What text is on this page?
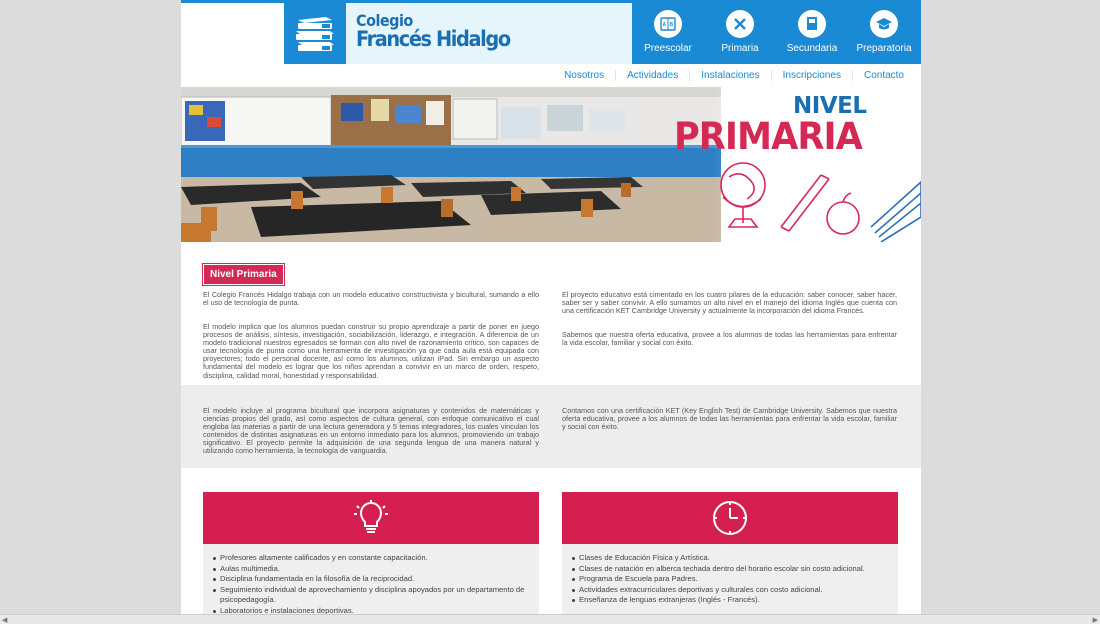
Colegio
Francés Hidalgo
A B
Preescolar	Primaria	Secundaria	Preparatoria
Nosotros	Actividades	Instalaciones	Inscripciones	Contacto
NIVEL
PRIMARIA
Nivel Primaria
El Colegio Francés Hidalgo trabaja con un modelo educativo constructivista y bicultural, sumando a ello el uso de tecnología de punta.
El modelo implica que los alumnos puedan construir su propio aprendizaje a partir de poner en juego procesos de análisis, síntesis, investigación, sociabilización, liderazgo, e integración. A diferencia de un modelo tradicional nuestros egresados se forman con alto nivel de razonamiento crítico, son capaces de usar tecnología de punta como una herramienta de investigación ya que cada aula está equipada con proyectores; todo el personal docente, así como los alumnos, utilizan iPad. Sin embargo un aspecto fundamental del modelo es lograr que los niños aprendan a convivir en un marco de orden, respeto, disciplina, calidad moral, honestidad y responsabilidad.
El proyecto educativo está cimentado en los cuatro pilares de la educación: saber conocer, saber hacer, saber ser y saber convivir. A ello sumamos un alto nivel en el manejo del idioma Inglés que cuenta con una certificación KET Cambridge University y actualmente la incorporación del idioma Francés.
Sabemos que nuestra oferta educativa, provee a los alumnos de todas las herramientas para enfrentar la vida escolar, familiar y social con éxito.
El modelo incluye al programa bicultural que incorpora asignaturas y contenidos de matemáticas y ciencias propios del grado, así como aspectos de cultura general, con enfoque comunicativo el cual engloba las materias a partir de una lectura generadora y 5 temas integradores, los cuales vinculan los contenidos de distintas asignaturas en un entorno inmediato para los alumnos, promoviendo un trabajo significativo. El proyecto permite la adquisición de una segunda lengua de una manera natural y utilizando como herramienta, la tecnología de vanguardia.
Contamos con una certificación KET (Key English Test) de Cambridge University. Sabemos que nuestra oferta educativa, provee a los alumnos de todas las herramientas para enfrentar la vida escolar, familiar y social con éxito.
Profesores altamente calificados y en constante capacitación.
Aulas multimedia.
Disciplina fundamentada en la filosofía de la reciprocidad.
Seguimiento individual de aprovechamiento y disciplina apoyados por un departamento de psicopedagogía.
Laboratorios e instalaciones deportivas.
Clases de Educación Física y Artística.
Clases de natación en alberca techada dentro del horario escolar sin costo adicional.
Programa de Escuela para Padres.
Actividades extracurriculares deportivas y culturales con costo adicional.
Enseñanza de lenguas extranjeras (Inglés - Francés).
◀	▶
